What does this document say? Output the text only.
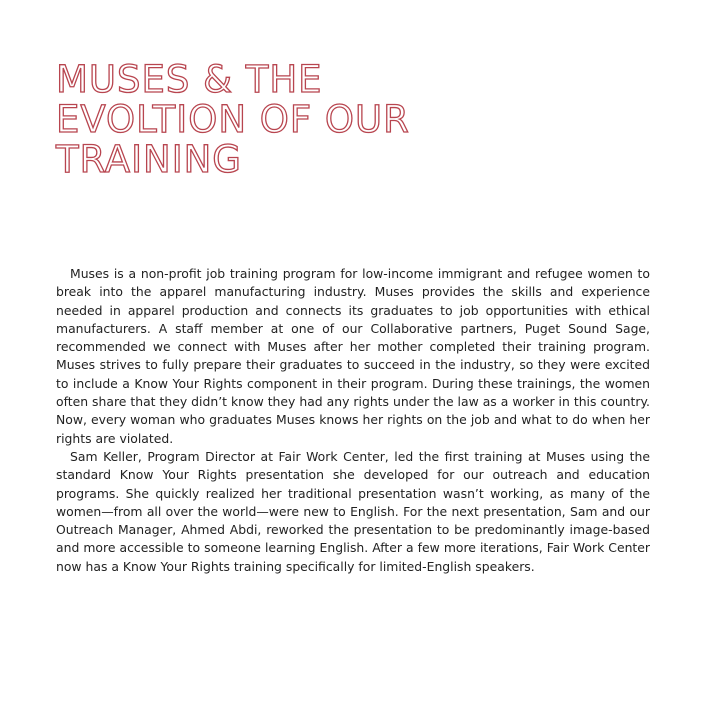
MUSES & THE
EVOLTION OF OUR
TRAINING

Muses is a non-profit job training program for low-income immigrant and refugee women to break into the apparel manufacturing industry. Muses provides the skills and experience needed in apparel production and connects its graduates to job opportunities with ethical manufacturers. A staff member at one of our Collaborative partners, Puget Sound Sage, recommended we connect with Muses after her mother completed their training program. Muses strives to fully prepare their graduates to succeed in the industry, so they were excited to include a Know Your Rights component in their program. During these trainings, the women often share that they didn’t know they had any rights under the law as a worker in this country. Now, every woman who graduates Muses knows her rights on the job and what to do when her rights are violated.

Sam Keller, Program Director at Fair Work Center, led the first training at Muses using the standard Know Your Rights presentation she developed for our outreach and education programs. She quickly realized her traditional presentation wasn’t working, as many of the women—from all over the world—were new to English. For the next presentation, Sam and our Outreach Manager, Ahmed Abdi, reworked the presentation to be predominantly image-based and more accessible to someone learning English. After a few more iterations, Fair Work Center now has a Know Your Rights training specifically for limited-English speakers.
